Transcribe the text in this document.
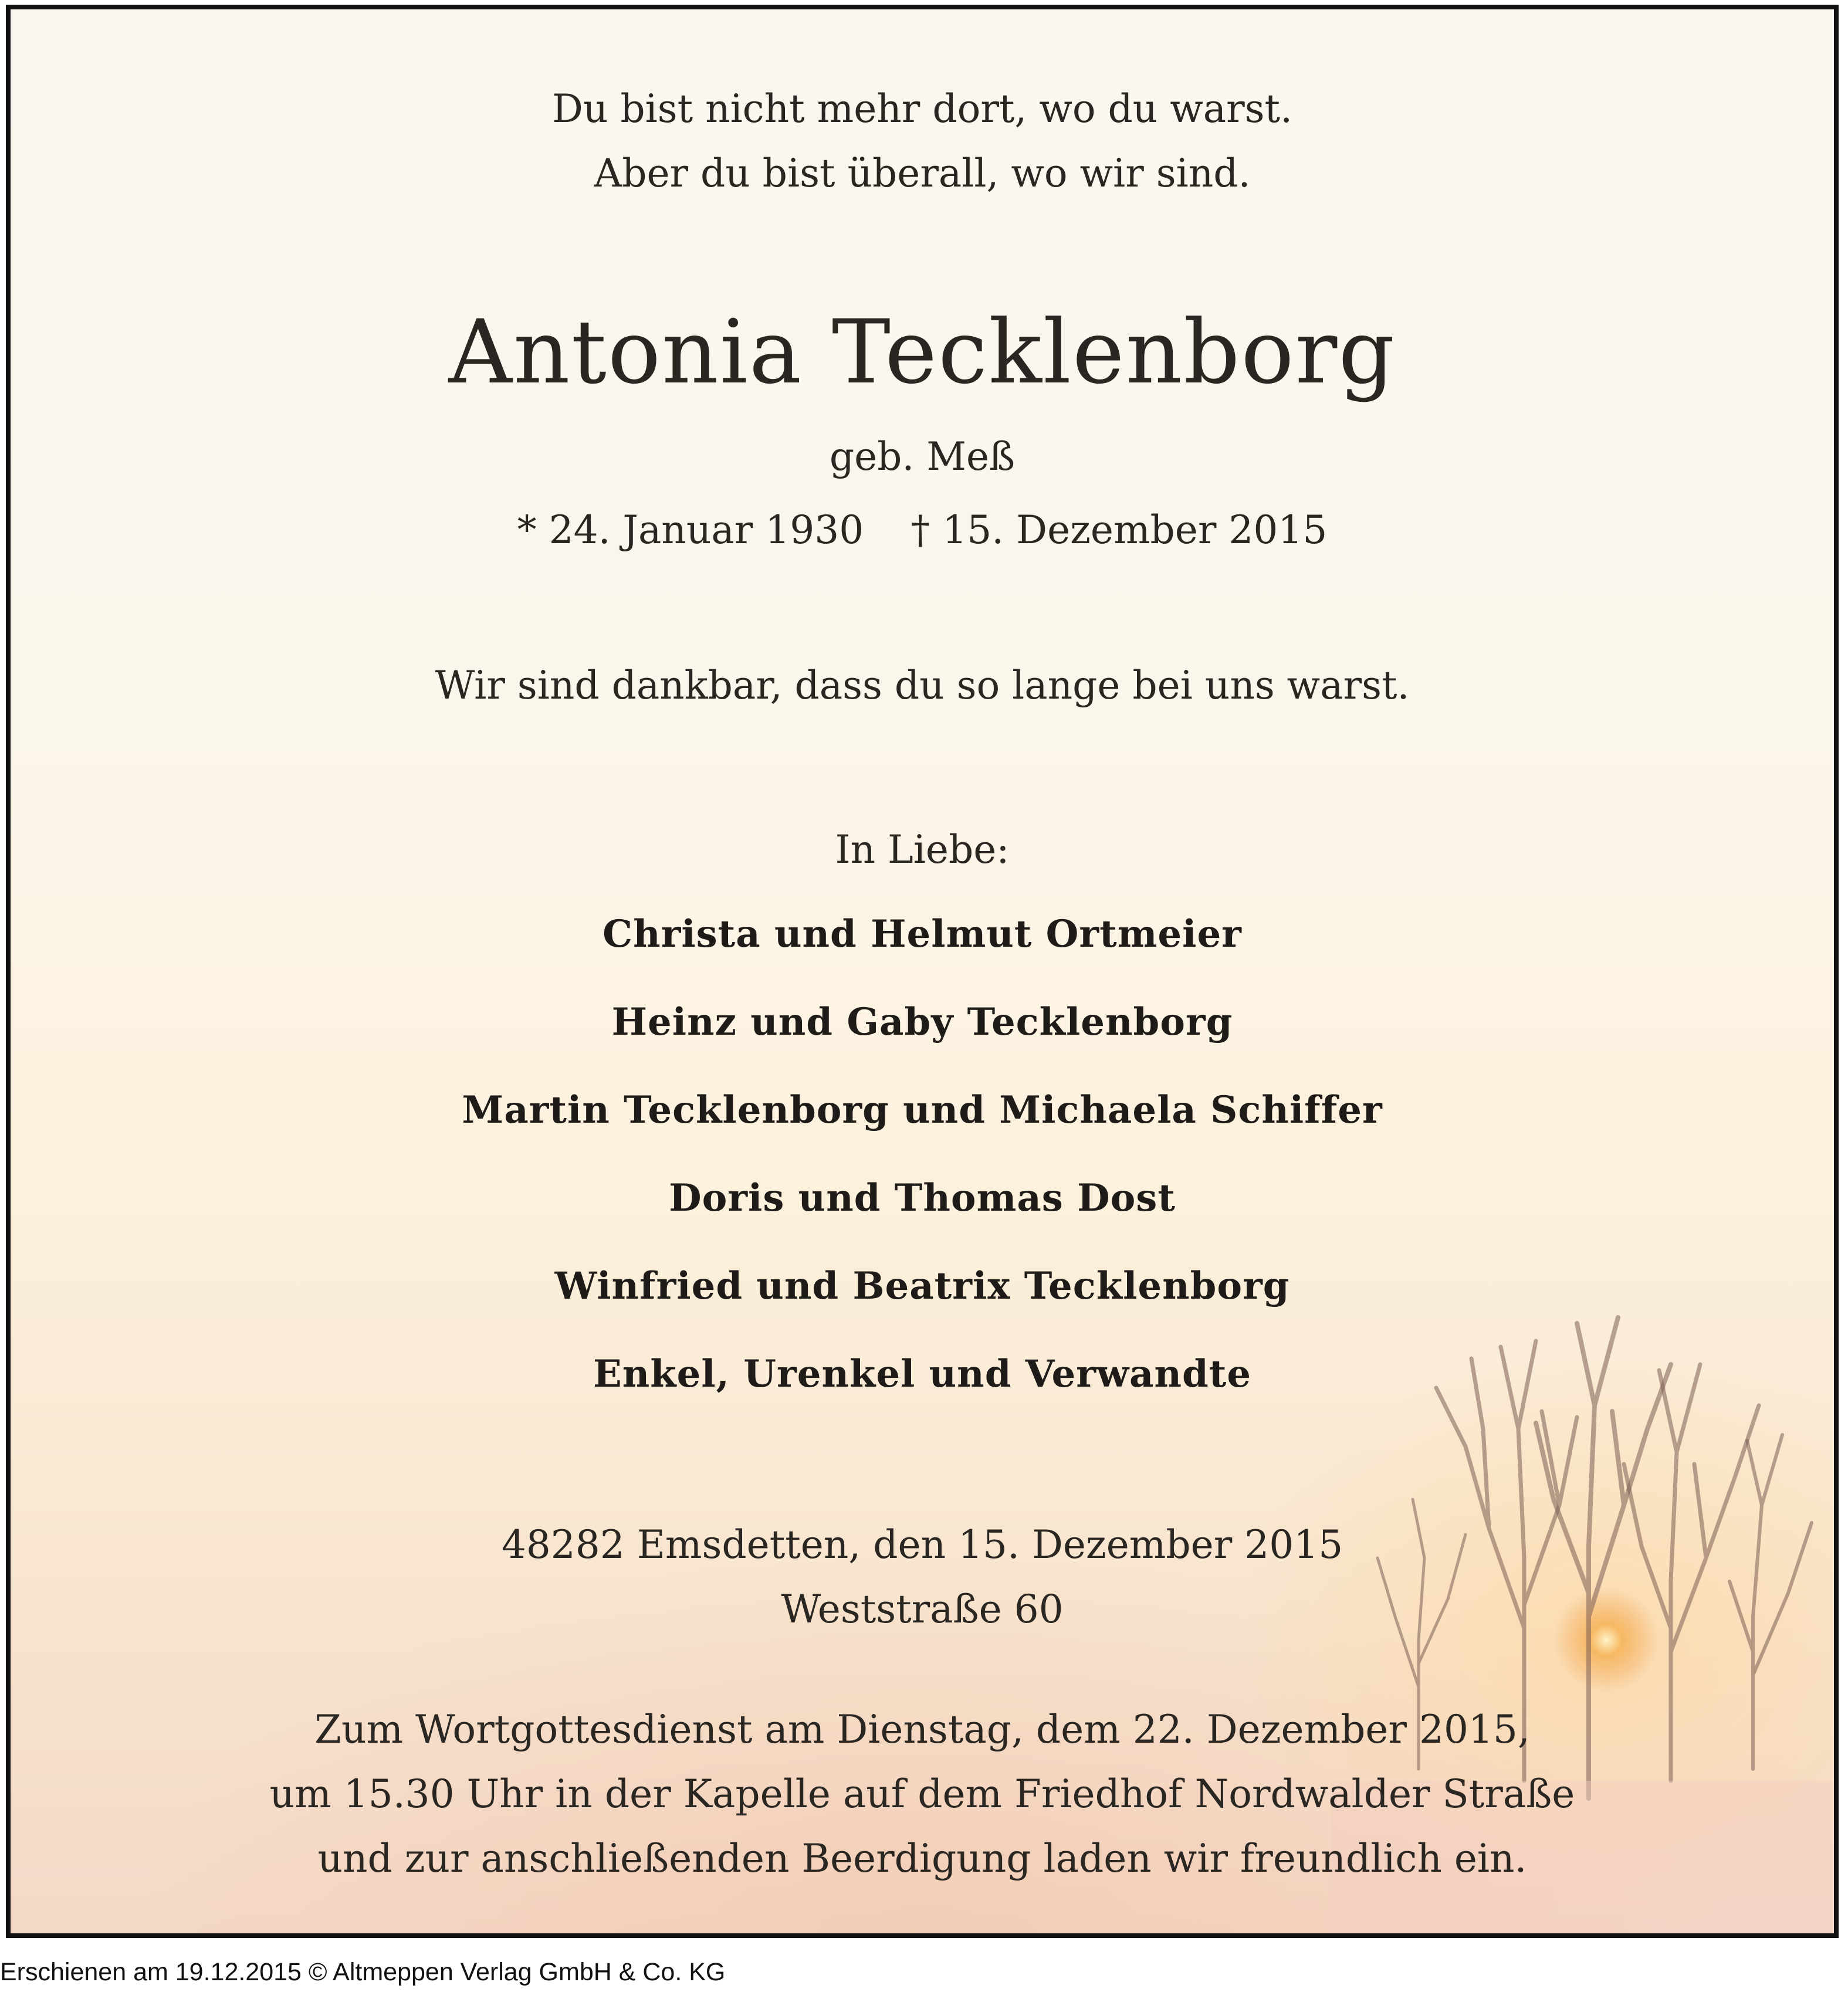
Du bist nicht mehr dort, wo du warst.
Aber du bist überall, wo wir sind.
Antonia Tecklenborg
geb. Meß
* 24. Januar 1930 † 15. Dezember 2015
Wir sind dankbar, dass du so lange bei uns warst.
In Liebe:
Christa und Helmut Ortmeier
Heinz und Gaby Tecklenborg
Martin Tecklenborg und Michaela Schiffer
Doris und Thomas Dost
Winfried und Beatrix Tecklenborg
Enkel, Urenkel und Verwandte
48282 Emsdetten, den 15. Dezember 2015
Weststraße 60
Zum Wortgottesdienst am Dienstag, dem 22. Dezember 2015,
um 15.30 Uhr in der Kapelle auf dem Friedhof Nordwalder Straße
und zur anschließenden Beerdigung laden wir freundlich ein.
Erschienen am 19.12.2015 © Altmeppen Verlag GmbH & Co. KG
